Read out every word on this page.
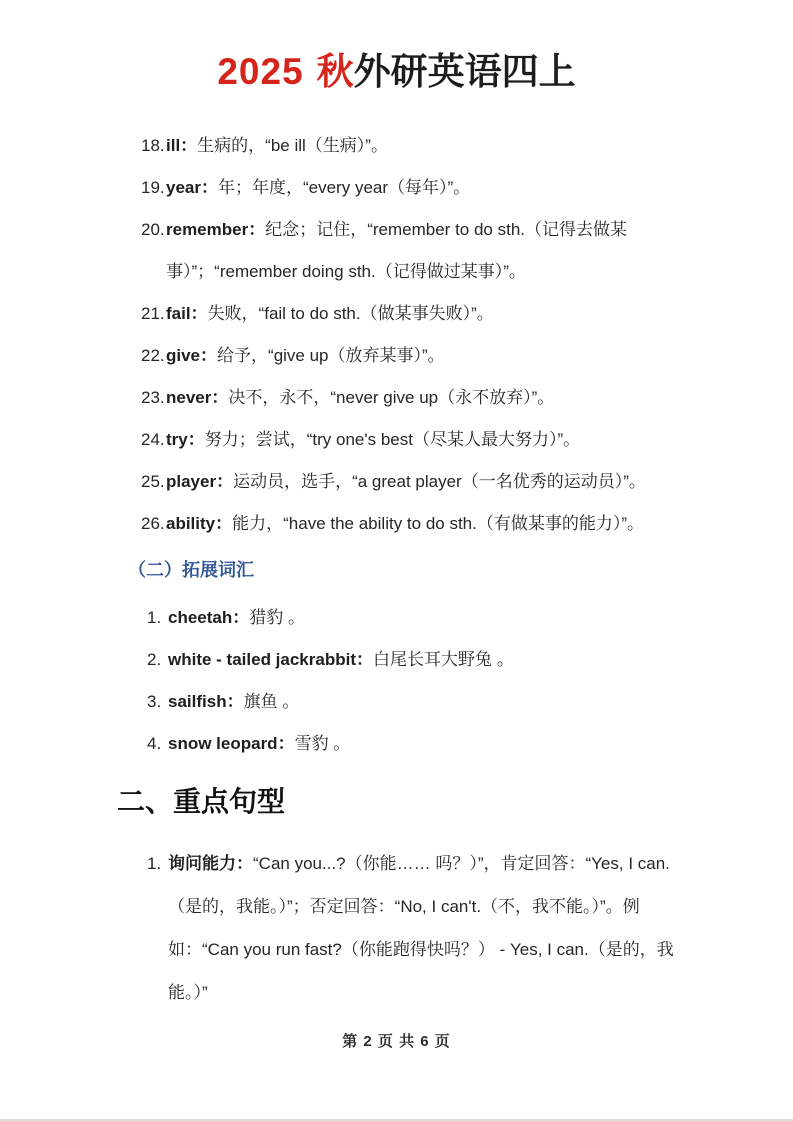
2025 秋外研英语四上
18.ill：生病的，“be ill（生病）”。
19.year：年；年度，“every year（每年）”。
20.remember：纪念；记住，“remember to do sth.（记得去做某事）”；“remember doing sth.（记得做过某事）”。
21.fail：失败，“fail to do sth.（做某事失败）”。
22.give：给予，“give up（放弃某事）”。
23.never：决不，永不，“never give up（永不放弃）”。
24.try：努力；尝试，“try one's best（尽某人最大努力）”。
25.player：运动员，选手，“a great player（一名优秀的运动员）”。
26.ability：能力，“have the ability to do sth.（有做某事的能力）”。
（二）拓展词汇
1. cheetah：猎豹 。
2. white - tailed jackrabbit：白尾长耳大野兔 。
3. sailfish：旗鱼 。
4. snow leopard：雪豹 。
二、重点句型
1. 询问能力：“Can you...?（你能…… 吗？）”，肯定回答：“Yes, I can.（是的，我能。）”；否定回答：“No, I can't.（不，我不能。）”。例如：“Can you run fast?（你能跑得快吗？） - Yes, I can.（是的，我能。）”
第 2 页 共 6 页
